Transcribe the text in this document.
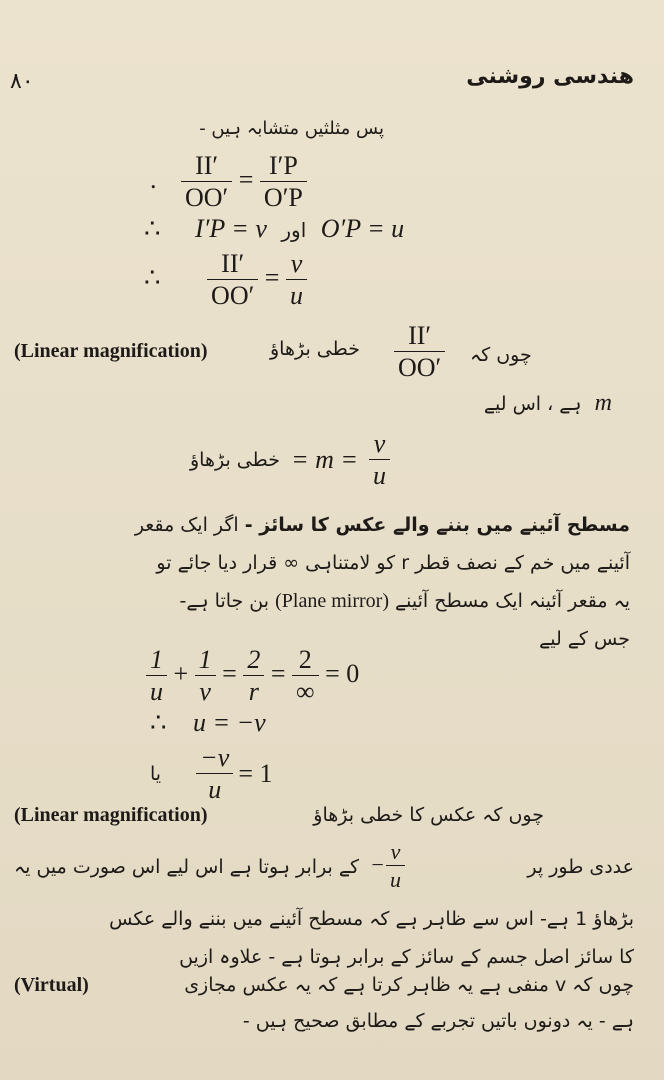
۸۰	هندسی روشنی
پس مثلثیں متشابہ ہیں -
. $\frac{II'}{OO'} = \frac{I'P}{O'P}$
∴ I′P = v اور O′P = u
∴ $\frac{II'}{OO'} = \frac{v}{u}$
(Linear magnification)	خطی بڑھاؤ II′
OO′ چوں کہ
ہے ، اس لیے m
خطی بڑھاؤ = $m = \frac{v}{u}$
مسطح آئینے میں بننے والے عکس کا سائز - اگر ایک مقعر
آئینے میں خم کے نصف قطر r کو لامتناہی ∞ قرار دیا جائے تو
یہ مقعر آئینہ ایک مسطح آئینے (Plane mirror) بن جاتا ہے-
جس کے لیے
$\frac{1}{u} + \frac{1}{v} = \frac{2}{r} = \frac{2}{\infty} = 0$
∴ u = −v
یا $\frac{-v}{u} = 1$
(Linear magnification)	چوں کہ عکس کا خطی بڑھاؤ
کے برابر ہوتا ہے اس لیے اس صورت میں یہ −
v
u
عددی طور پر
بڑھاؤ 1 ہے- اس سے ظاہر ہے کہ مسطح آئینے میں بننے والے عکس
کا سائز اصل جسم کے سائز کے برابر ہوتا ہے - علاوہ ازیں
(Virtual)	چوں کہ v منفی ہے یہ ظاہر کرتا ہے کہ یہ عکس مجازی
ہے - یہ دونوں باتیں تجربے کے مطابق صحیح ہیں -
